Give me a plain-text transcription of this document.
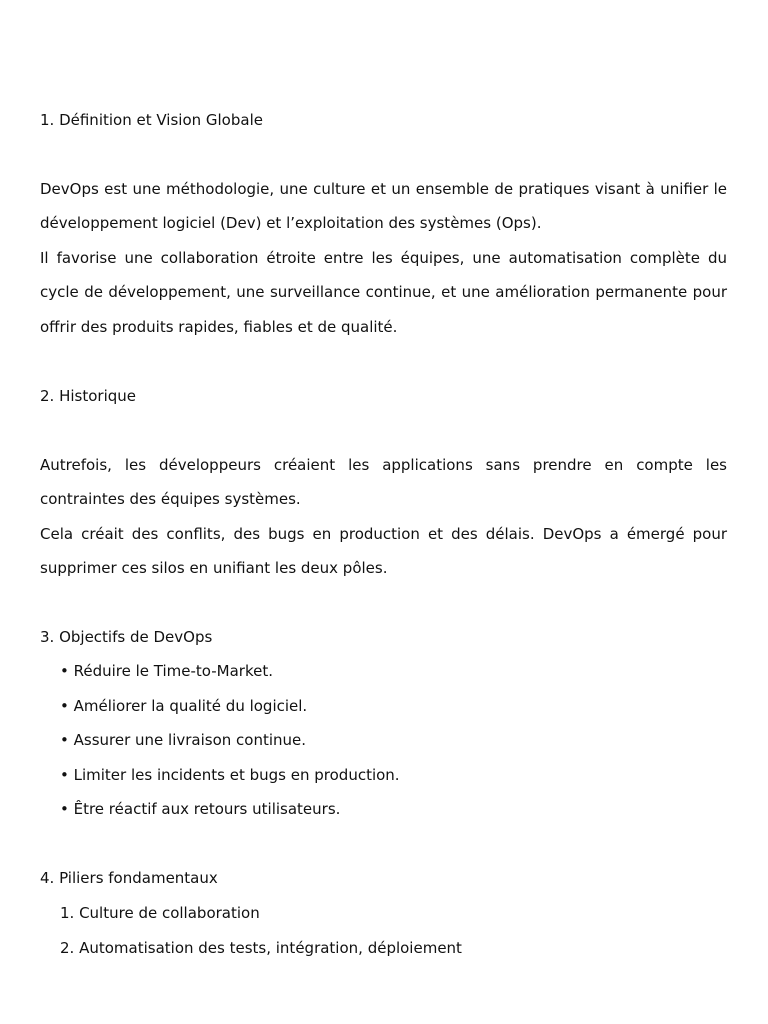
1. Définition et Vision Globale

DevOps est une méthodologie, une culture et un ensemble de pratiques visant à unifier le développement logiciel (Dev) et l’exploitation des systèmes (Ops).

Il favorise une collaboration étroite entre les équipes, une automatisation complète du cycle de développement, une surveillance continue, et une amélioration permanente pour offrir des produits rapides, fiables et de qualité.

2. Historique

Autrefois, les développeurs créaient les applications sans prendre en compte les contraintes des équipes systèmes.

Cela créait des conflits, des bugs en production et des délais. DevOps a émergé pour supprimer ces silos en unifiant les deux pôles.

3. Objectifs de DevOps
• Réduire le Time-to-Market.
• Améliorer la qualité du logiciel.
• Assurer une livraison continue.
• Limiter les incidents et bugs en production.
• Être réactif aux retours utilisateurs.
4. Piliers fondamentaux
1. Culture de collaboration
2. Automatisation des tests, intégration, déploiement
